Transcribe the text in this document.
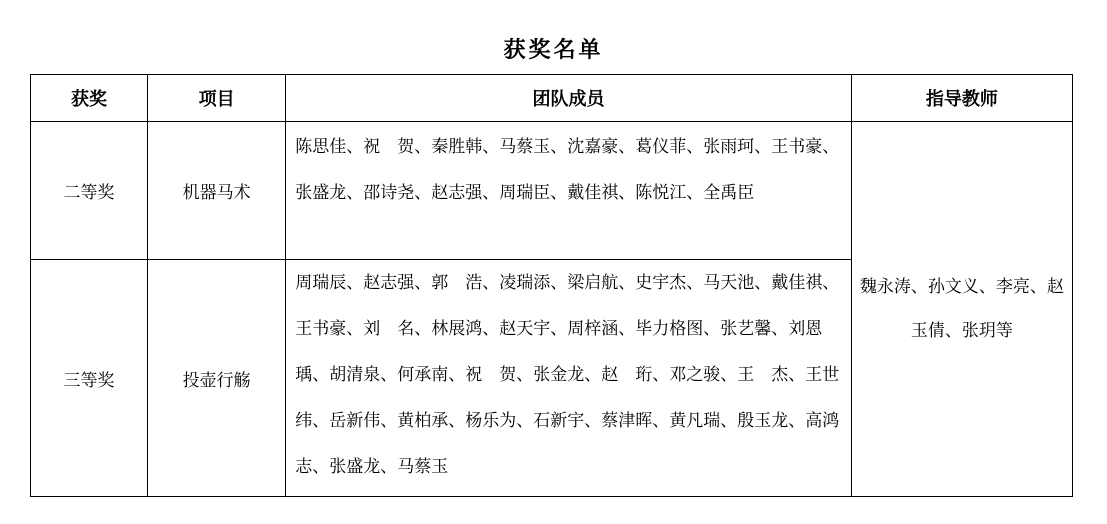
获奖名单
获奖	项目	团队成员	指导教师
二等奖	机器马术	陈思佳、祝　贺、秦胜韩、马蔡玉、沈嘉豪、葛仪菲、张雨珂、王书豪、张盛龙、邵诗尧、赵志强、周瑞臣、戴佳祺、陈悦江、全禹臣	魏永涛、孙文义、李亮、赵玉倩、张玥等
三等奖	投壶行觞	周瑞辰、赵志强、郭　浩、凌瑞添、梁启航、史宇杰、马天池、戴佳祺、王书豪、刘　名、林展鸿、赵天宇、周梓涵、毕力格图、张艺馨、刘恩瑀、胡清泉、何承南、祝　贺、张金龙、赵　珩、邓之骏、王　杰、王世纬、岳新伟、黄柏承、杨乐为、石新宇、蔡津晖、黄凡瑞、殷玉龙、高鸿志、张盛龙、马蔡玉	
